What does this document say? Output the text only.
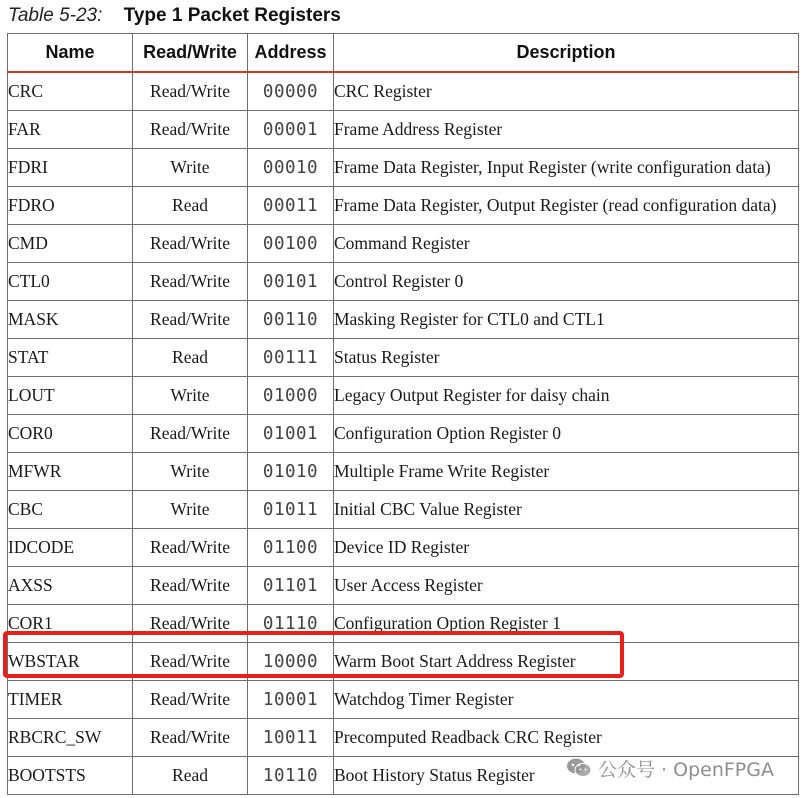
Table 5-23: Type 1 Packet Registers
Name	Read/Write	Address	Description
CRC	Read/Write	00000	CRC Register
FAR	Read/Write	00001	Frame Address Register
FDRI	Write	00010	Frame Data Register, Input Register (write configuration data)
FDRO	Read	00011	Frame Data Register, Output Register (read configuration data)
CMD	Read/Write	00100	Command Register
CTL0	Read/Write	00101	Control Register 0
MASK	Read/Write	00110	Masking Register for CTL0 and CTL1
STAT	Read	00111	Status Register
LOUT	Write	01000	Legacy Output Register for daisy chain
COR0	Read/Write	01001	Configuration Option Register 0
MFWR	Write	01010	Multiple Frame Write Register
CBC	Write	01011	Initial CBC Value Register
IDCODE	Read/Write	01100	Device ID Register
AXSS	Read/Write	01101	User Access Register
COR1	Read/Write	01110	Configuration Option Register 1
WBSTAR	Read/Write	10000	Warm Boot Start Address Register
TIMER	Read/Write	10001	Watchdog Timer Register
RBCRC_SW	Read/Write	10011	Precomputed Readback CRC Register
BOOTSTS	Read	10110	Boot History Status Register	公众号 · OpenFPGA
